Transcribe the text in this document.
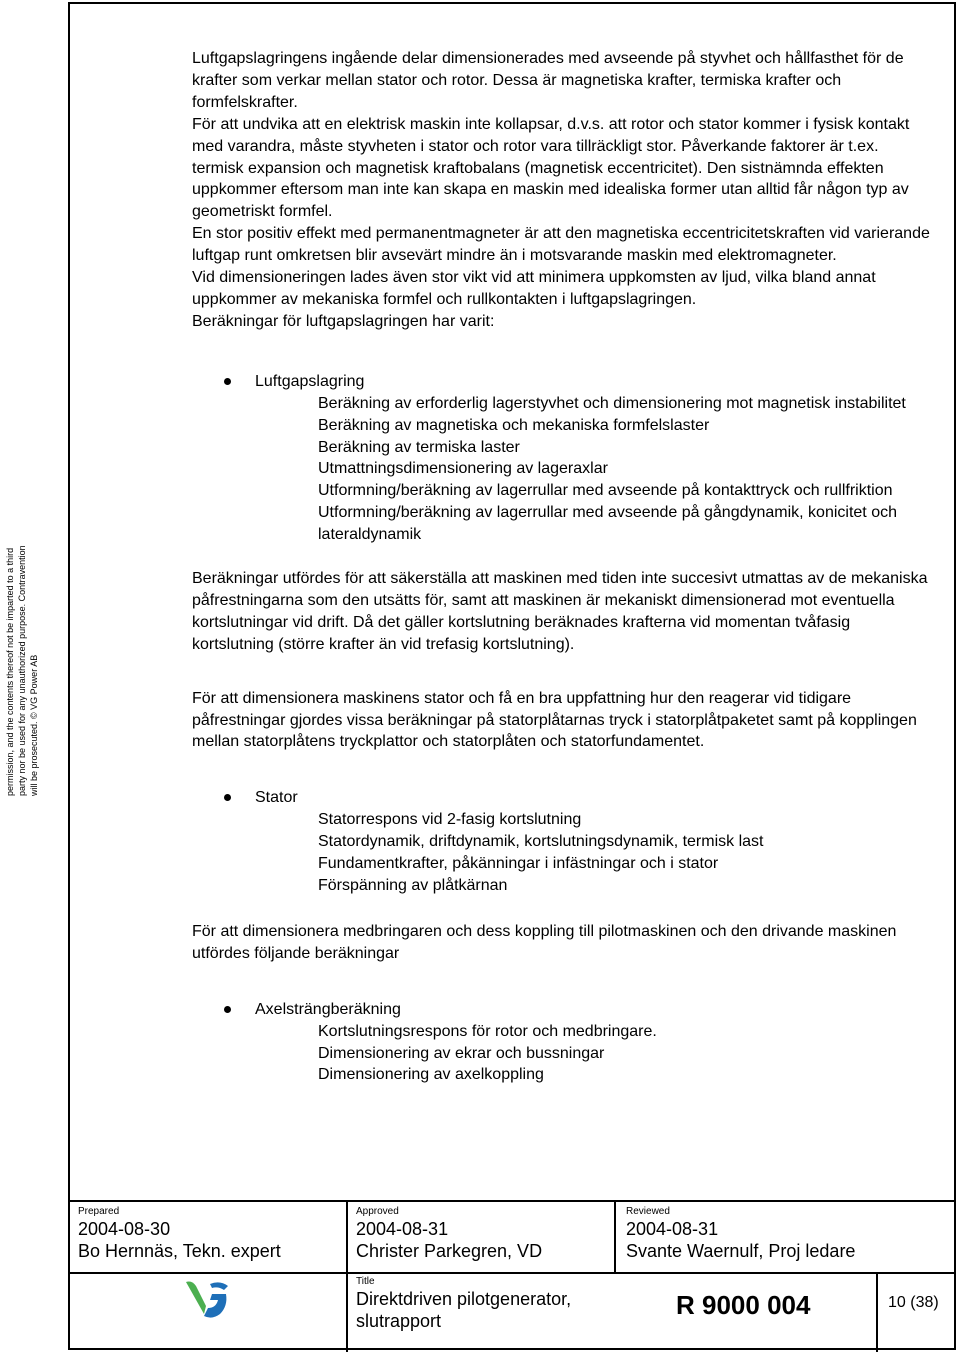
permission, and the contents thereof not be imparted to a third party nor be used for any unauthorized purpose. Contravention will be prosecuted. © VG Power AB

Luftgapslagringens ingående delar dimensionerades med avseende på styvhet och hållfasthet för de krafter som verkar mellan stator och rotor. Dessa är magnetiska krafter, termiska krafter och formfelskrafter.

För att undvika att en elektrisk maskin inte kollapsar, d.v.s. att rotor och stator kommer i fysisk kontakt med varandra, måste styvheten i stator och rotor vara tillräckligt stor. Påverkande faktorer är t.ex. termisk expansion och magnetisk kraftobalans (magnetisk eccentricitet). Den sistnämnda effekten uppkommer eftersom man inte kan skapa en maskin med idealiska former utan alltid får någon typ av geometriskt formfel.

En stor positiv effekt med permanentmagneter är att den magnetiska eccentricitetskraften vid varierande luftgap runt omkretsen blir avsevärt mindre än i motsvarande maskin med elektromagneter.

Vid dimensioneringen lades även stor vikt vid att minimera uppkomsten av ljud, vilka bland annat uppkommer av mekaniska formfel och rullkontakten i luftgapslagringen.

Beräkningar för luftgapslagringen har varit:

Luftgapslagring

Beräkning av erforderlig lagerstyvhet och dimensionering mot magnetisk instabilitet

Beräkning av magnetiska och mekaniska formfelslaster

Beräkning av termiska laster

Utmattningsdimensionering av lageraxlar

Utformning/beräkning av lagerrullar med avseende på kontakttryck och rullfriktion

Utformning/beräkning av lagerrullar med avseende på gångdynamik, konicitet och lateraldynamik

Beräkningar utfördes för att säkerställa att maskinen med tiden inte succesivt utmattas av de mekaniska påfrestningarna som den utsätts för, samt att maskinen är mekaniskt dimensionerad mot eventuella kortslutningar vid drift. Då det gäller kortslutning beräknades krafterna vid momentan tvåfasig kortslutning (större krafter än vid trefasig kortslutning).

För att dimensionera maskinens stator och få en bra uppfattning hur den reagerar vid tidigare påfrestningar gjordes vissa beräkningar på statorplåtarnas tryck i statorplåtpaketet samt på kopplingen mellan statorplåtens tryckplattor och statorplåten och statorfundamentet.

Stator

Statorrespons vid 2-fasig kortslutning

Statordynamik, driftdynamik, kortslutningsdynamik, termisk last

Fundamentkrafter, påkänningar i infästningar och i stator

Förspänning av plåtkärnan

För att dimensionera medbringaren och dess koppling till pilotmaskinen och den drivande maskinen utfördes följande beräkningar

Axelsträngberäkning

Kortslutningsrespons för rotor och medbringare.

Dimensionering av ekrar och bussningar

Dimensionering av axelkoppling

Prepared
2004-08-30
Bo Hernnäs, Tekn. expert
Approved
2004-08-31
Christer Parkegren, VD
Reviewed
2004-08-31
Svante Waernulf, Proj ledare
Title
Direktdriven pilotgenerator,
slutrapport
R 9000 004	10 (38)
